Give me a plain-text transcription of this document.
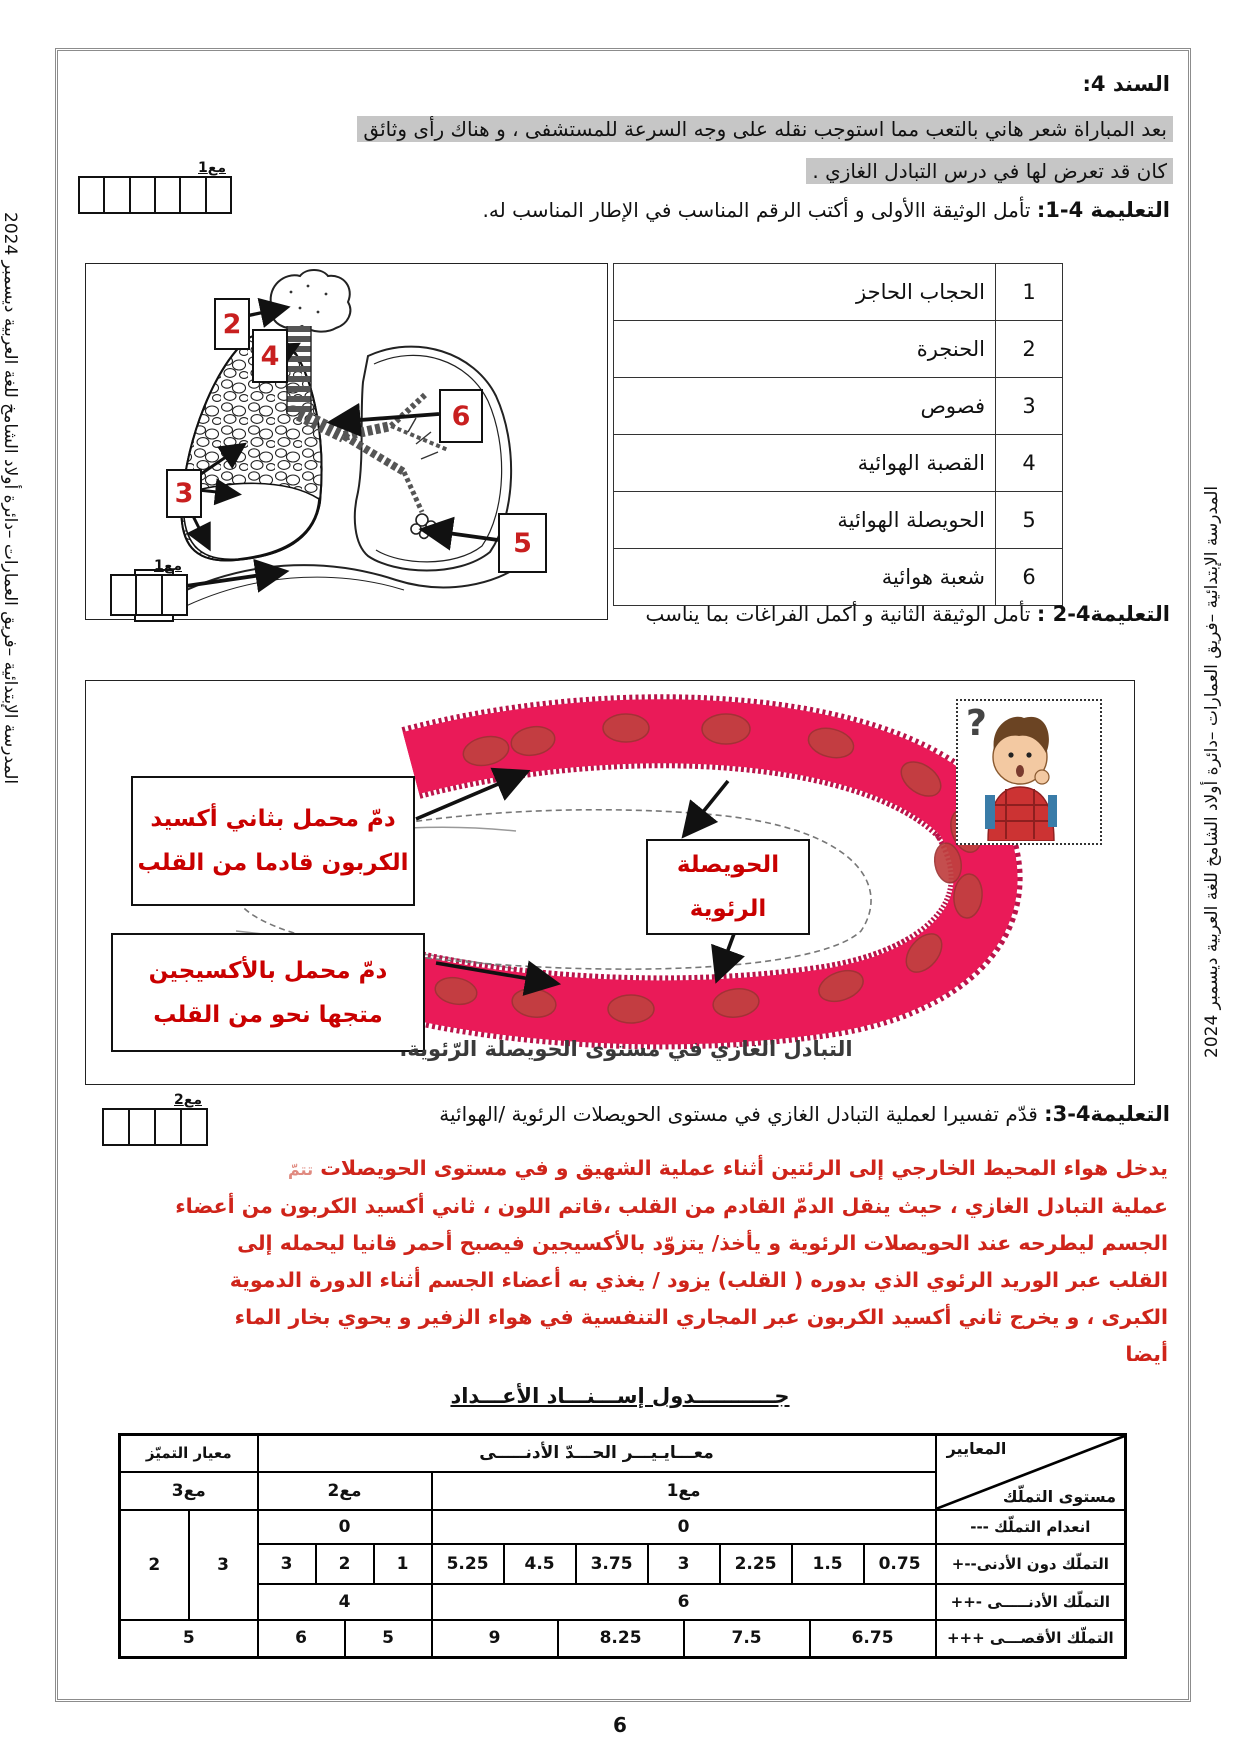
المدرسة الإبتدائية –فريق العمارات –دائرة أولاد الشامخ للغة العربية ديسمبر 2024
المدرسة الإبتدائية –فريق العمارات –دائرة أولاد الشامخ للغة العربية ديسمبر 2024
السند 4:
بعد المباراة شعر هاني بالتعب مما استوجب نقله على وجه السرعة للمستشفى ، و هناك رأى وثائق
كان قد تعرض لها في درس التبادل الغازي .
مع1
التعليمة 4-1: تأمل الوثيقة االأولى و أكتب الرقم المناسب في الإطار المناسب له.
1	الحجاب الحاجز
2	الحنجرة
3	فصوص
4	القصبة الهوائية
5	الحويصلة الهوائية
6	شعبة هوائية
2
4
6
3
5
مع1
التعليمة4-2 : تأمل الوثيقة الثانية و أكمل الفراغات بما يناسب
دمّ محمل بثاني أكسيد
الكربون قادما من القلب
دمّ محمل بالأكسيجين
متجها نحو من القلب
الحويصلة
الرئوية
?
التبادل الغازي في مستوى الحويصلة الرّئوية.
التعليمة4-3: قدّم تفسيرا لعملية التبادل الغازي في مستوى الحويصلات الرئوية /الهوائية
مع2
يدخل هواء المحيط الخارجي إلى الرئتين أثناء عملية الشهيق و في مستوى الحويصلات تتمّ
عملية التبادل الغازي ، حيث ينقل الدمّ القادم من القلب ،قاتم اللون ، ثاني أكسيد الكربون من أعضاء
الجسم ليطرحه عند الحويصلات الرئوية و يأخذ/ يتزوّد بالأكسيجين فيصبح أحمر قانيا ليحمله إلى
القلب عبر الوريد الرئوي الذي بدوره ( القلب) يزود / يغذي به أعضاء الجسم أثناء الدورة الدموية
الكبرى ، و يخرج ثاني أكسيد الكربون عبر المجاري التنفسية في هواء الزفير و يحوي بخار الماء
أيضا
جـــــــــــدول إســـنـــاد الأعـــداد
المعايير
مستوى التملّك	معـــايـيـــر الحـــدّ الأدنـــــى														معيار التميّز	
	مع1										مع2				مع3	
انعدام التملّك ---	0										0				3	2
التملّك دون الأدنى--+	0.75	1.5		2.25	3		3.75	4.5		5.25	1	2		3		
التملّك الأدنـــــى -++	6										4					
التملّك الأقصـــى +++	6.75		7.5			8.25			9		5		6		5	
6
